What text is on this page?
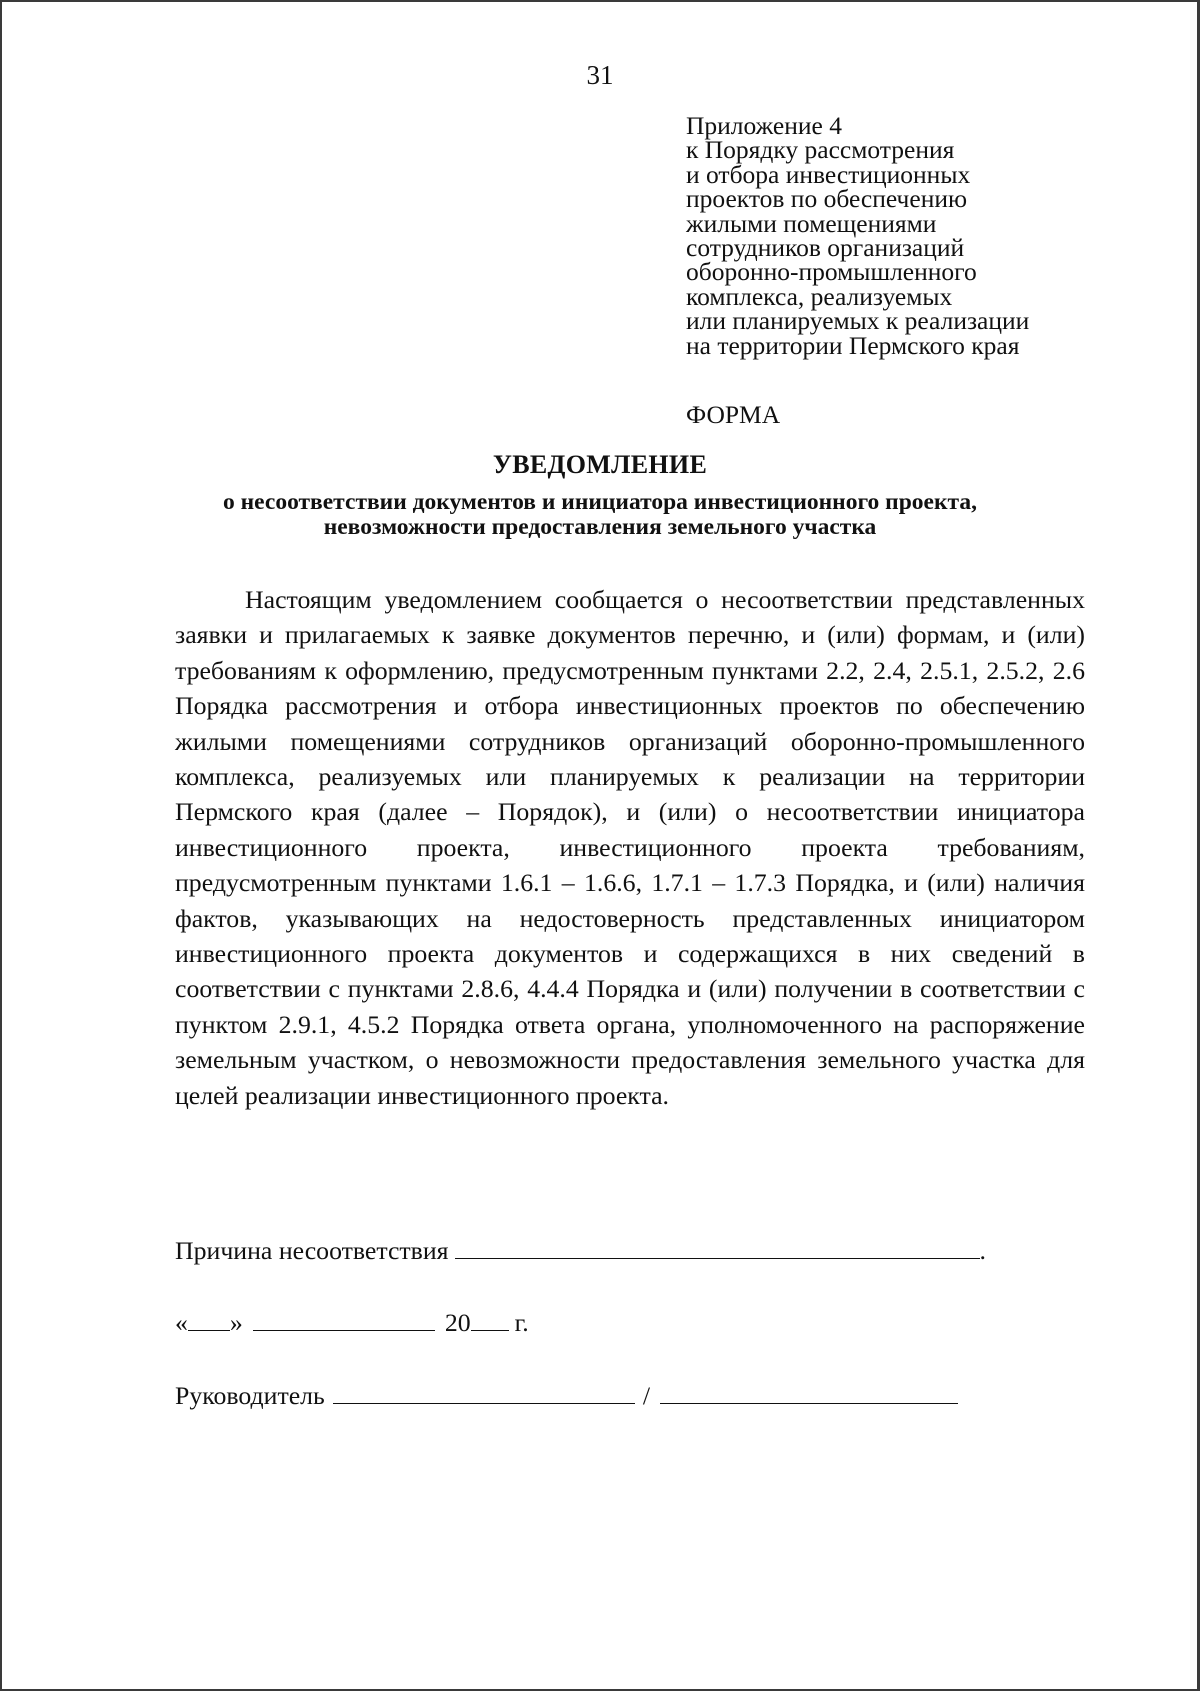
31
Приложение 4
к Порядку рассмотрения
и отбора инвестиционных
проектов по обеспечению
жилыми помещениями
сотрудников организаций
оборонно-промышленного
комплекса, реализуемых
или планируемых к реализации
на территории Пермского края
ФОРМА
УВЕДОМЛЕНИЕ
о несоответствии документов и инициатора инвестиционного проекта,
невозможности предоставления земельного участка

Настоящим уведомлением сообщается о несоответствии представленных заявки и прилагаемых к заявке документов перечню, и (или) формам, и (или) требованиям к оформлению, предусмотренным пунктами 2.2, 2.4, 2.5.1, 2.5.2, 2.6 Порядка рассмотрения и отбора инвестиционных проектов по обеспечению жилыми помещениями сотрудников организаций оборонно-промышленного комплекса, реализуемых или планируемых к реализации на территории Пермского края (далее – Порядок), и (или) о несоответствии инициатора инвестиционного проекта, инвестиционного проекта требованиям, предусмотренным пунктами 1.6.1 – 1.6.6, 1.7.1 – 1.7.3 Порядка, и (или) наличия фактов, указывающих на недостоверность представленных инициатором инвестиционного проекта документов и содержащихся в них сведений в соответствии с пунктами 2.8.6, 4.4.4 Порядка и (или) получении в соответствии с пунктом 2.9.1, 4.5.2 Порядка ответа органа, уполномоченного на распоряжение земельным участком, о невозможности предоставления земельного участка для целей реализации инвестиционного проекта.

Причина несоответствия	.
« »	20 г.
Руководитель	/
